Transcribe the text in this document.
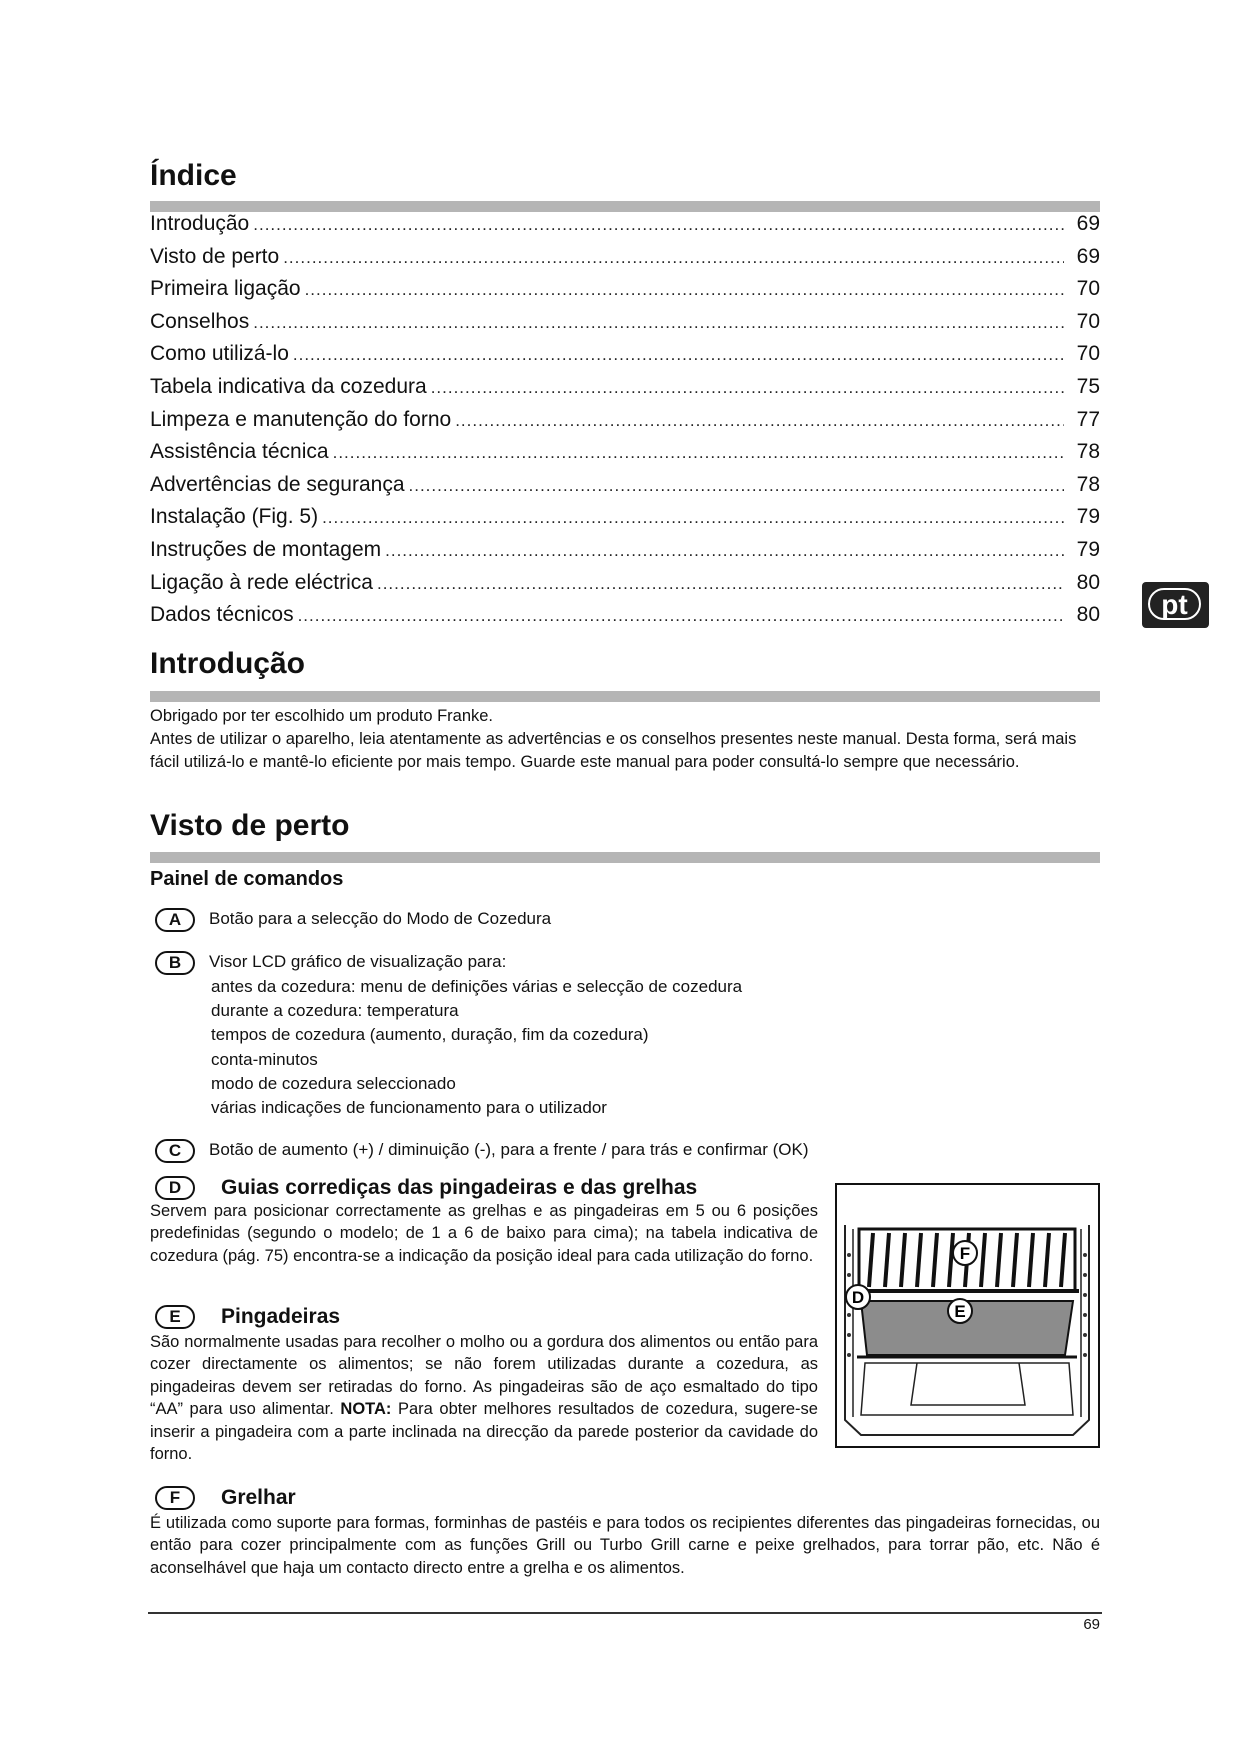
Índice
Introdução .....	69
Visto de perto .....	69
Primeira ligação .....	70
Conselhos .....	70
Como utilizá-lo .....	70
Tabela indicativa da cozedura .....	75
Limpeza e manutenção do forno .....	77
Assistência técnica .....	78
Advertências de segurança .....	78
Instalação (Fig. 5) .....	79
Instruções de montagem .....	79
Ligação à rede eléctrica .....	80
Dados técnicos .....	80	pt
Introdução

Obrigado por ter escolhido um produto Franke.

Antes de utilizar o aparelho, leia atentamente as advertências e os conselhos presentes neste manual. Desta forma, será mais fácil utilizá-lo e mantê-lo eficiente por mais tempo. Guarde este manual para poder consultá-lo sempre que necessário.

Visto de perto
Painel de comandos
A	Botão para a selecção do Modo de Cozedura
B	Visor LCD gráfico de visualização para:

antes da cozedura: menu de definições várias e selecção de cozedura

durante a cozedura: temperatura

tempos de cozedura (aumento, duração, fim da cozedura)

conta-minutos

modo de cozedura seleccionado

várias indicações de funcionamento para o utilizador

C	Botão de aumento (+) / diminuição (-), para a frente / para trás e confirmar (OK)
D	Guias corrediças das pingadeiras e das grelhas

Servem para posicionar correctamente as grelhas e as pingadeiras em 5 ou 6 posições predefinidas (segundo o modelo; de 1 a 6 de baixo para cima); na tabela indicativa de cozedura (pág. 75) encontra-se a indicação da posição ideal para cada utilização do forno.

E	Pingadeiras

São normalmente usadas para recolher o molho ou a gordura dos alimentos ou então para cozer directamente os alimentos; se não forem utilizadas durante a cozedura, as pingadeiras devem ser retiradas do forno. As pingadeiras são de aço esmaltado do tipo “AA” para uso alimentar. NOTA: Para obter melhores resultados de cozedura, sugere-se inserir a pingadeira com a parte inclinada na direcção da parede posterior da cavidade do forno.

F	Grelhar

É utilizada como suporte para formas, forminhas de pastéis e para todos os recipientes diferentes das pingadeiras fornecidas, ou então para cozer principalmente com as funções Grill ou Turbo Grill carne e peixe grelhados, para torrar pão, etc. Não é aconselhável que haja um contacto directo entre a grelha e os alimentos.

F
D
E
69
